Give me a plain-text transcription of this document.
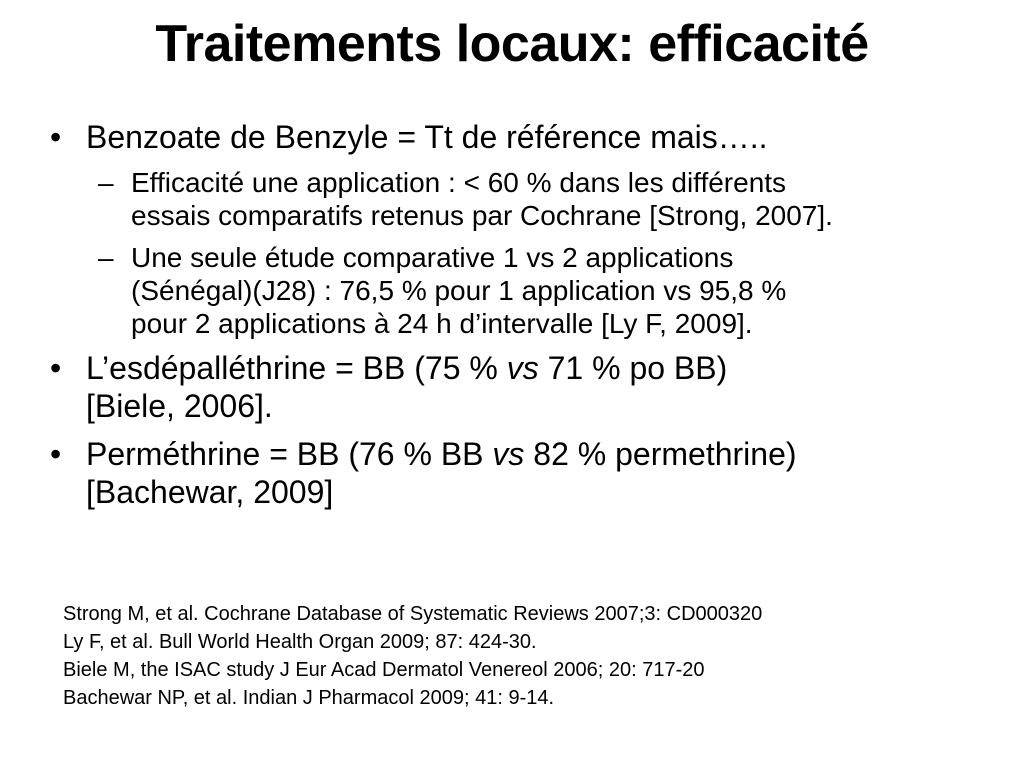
Traitements locaux: efficacité
• Benzoate de Benzyle = Tt de référence mais…..
– Efficacité une application : < 60 % dans les différents
essais comparatifs retenus par Cochrane [Strong, 2007].
– Une seule étude comparative 1 vs 2 applications
(Sénégal)(J28) : 76,5 % pour 1 application vs 95,8 %
pour 2 applications à 24 h d’intervalle [Ly F, 2009].
• L’esdépalléthrine = BB (75 % vs 71 % po BB)
[Biele, 2006].
• Perméthrine = BB (76 % BB vs 82 % permethrine)
[Bachewar, 2009]
Strong M, et al. Cochrane Database of Systematic Reviews 2007;3: CD000320
Ly F, et al. Bull World Health Organ 2009; 87: 424-30.
Biele M, the ISAC study J Eur Acad Dermatol Venereol 2006; 20: 717-20
Bachewar NP, et al. Indian J Pharmacol 2009; 41: 9-14.
